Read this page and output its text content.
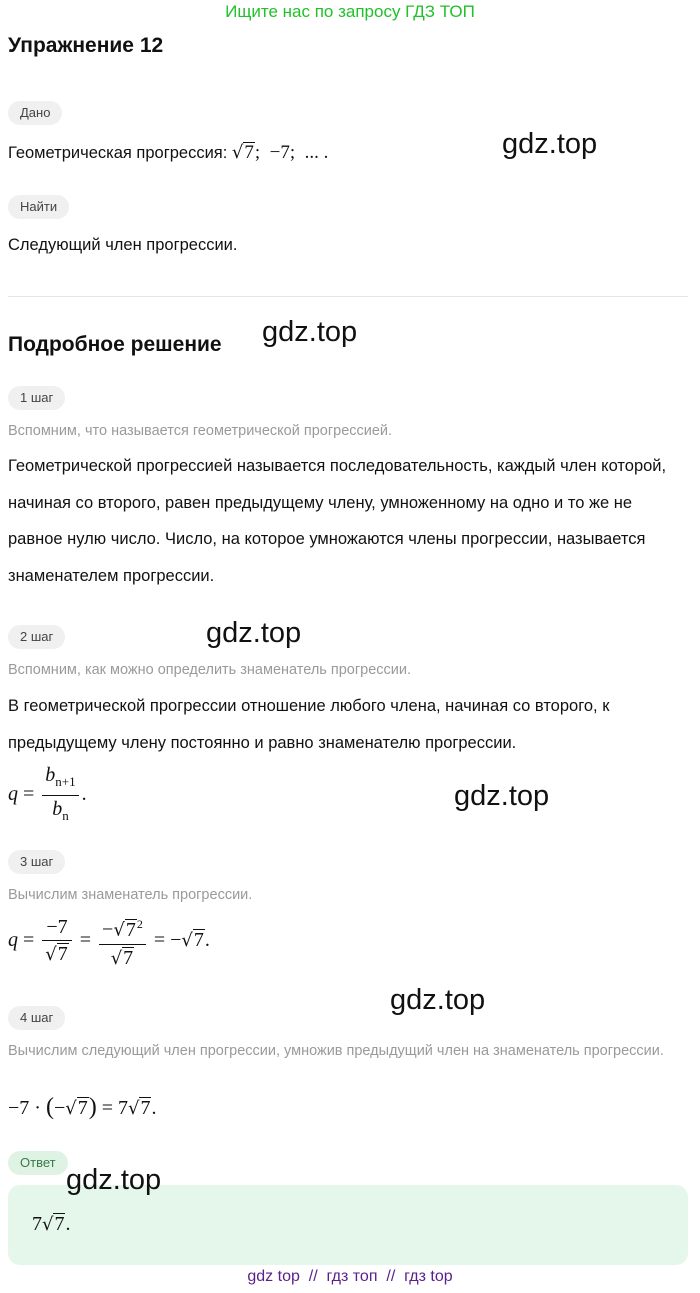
Ищите нас по запросу ГДЗ ТОП
Упражнение 12
Дано
Геометрическая прогрессия: √7;  −7;  ... .
Найти
Следующий член прогрессии.
Подробное решение
1 шаг
Вспомним, что называется геометрической прогрессией.
Геометрической прогрессией называется последовательность, каждый член которой, начиная со второго, равен предыдущему члену, умноженному на одно и то же не равное нулю число. Число, на которое умножаются члены прогрессии, называется знаменателем прогрессии.
2 шаг
Вспомним, как можно определить знаменатель прогрессии.
В геометрической прогрессии отношение любого члена, начиная со второго, к предыдущему члену постоянно и равно знаменателю прогрессии.
$q = \frac{b_{n+1}}{b_n}$ .
3 шаг
Вычислим знаменатель прогрессии.
$q = \frac{-7}{√7} = \frac{-√7^2}{√7} = -√7$.
4 шаг
Вычислим следующий член прогрессии, умножив предыдущий член на знаменатель прогрессии.
−7 · (−√7) = 7√7.
Ответ
7√7.
gdz.top
gdz.top
gdz.top
gdz.top
gdz.top
gdz.top
gdz top  //  гдз топ  //  гдз top
